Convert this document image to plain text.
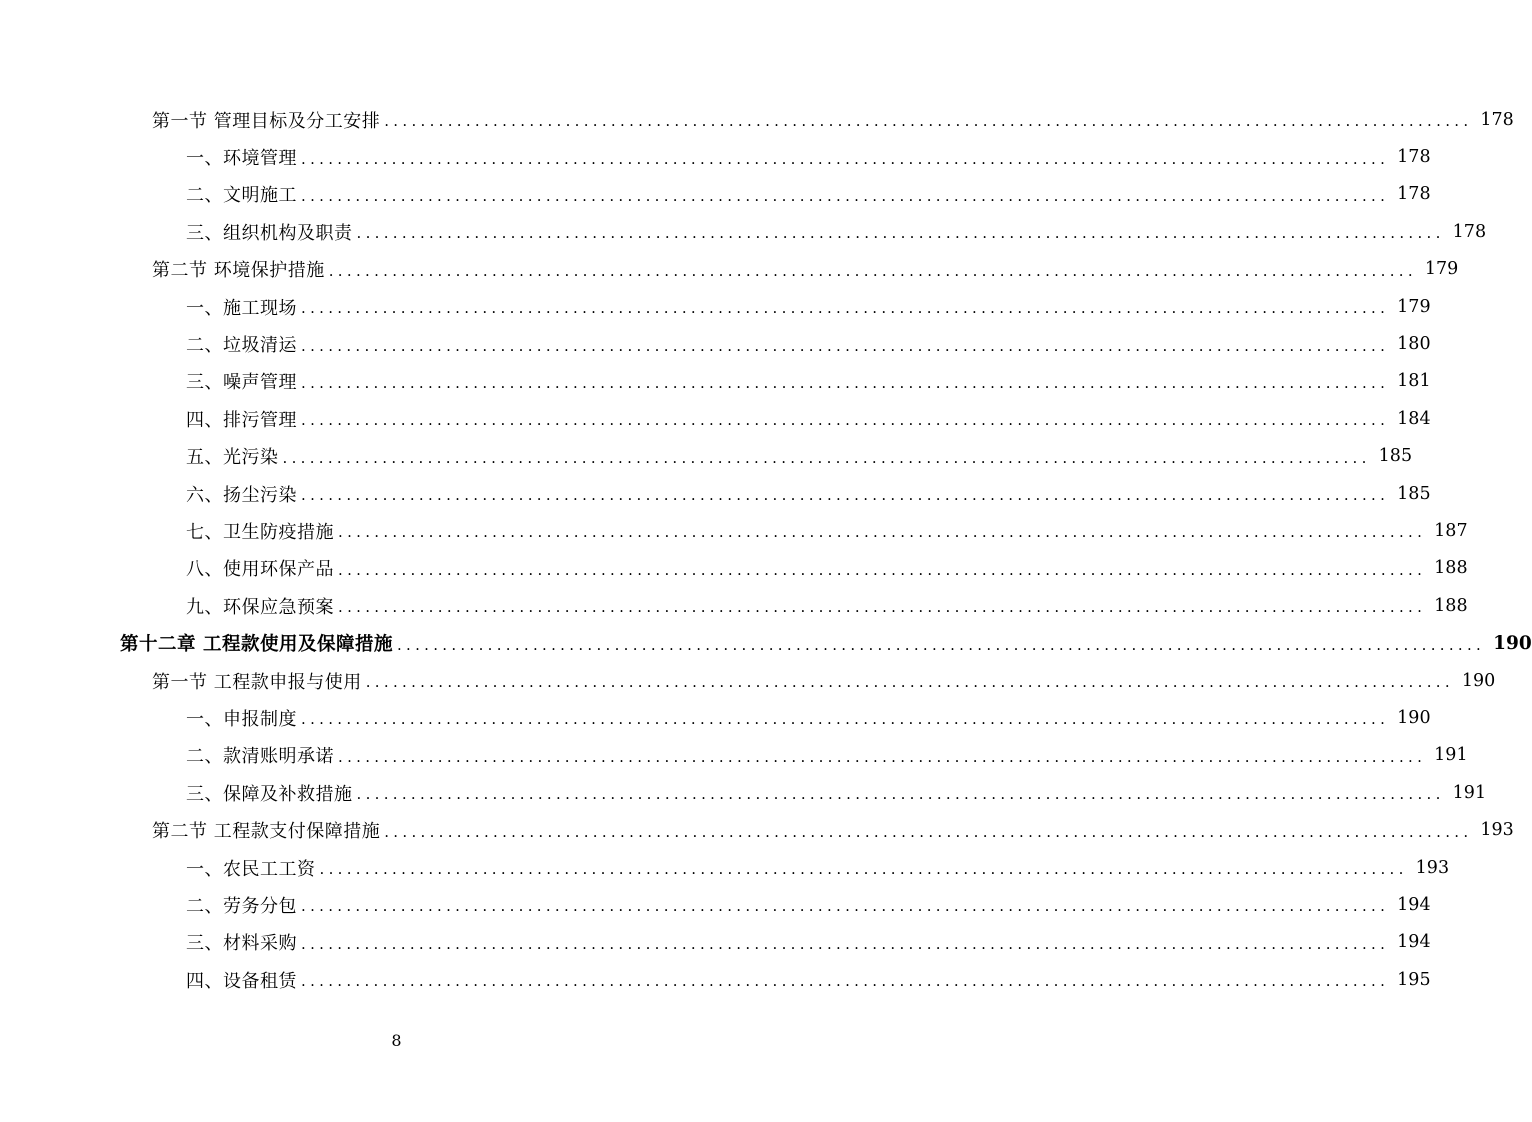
第一节 管理目标及分工安排 ........................................................................................................................ 178
一、环境管理 ........................................................................................................................ 178
二、文明施工 ........................................................................................................................ 178
三、组织机构及职责 ........................................................................................................................ 178
第二节 环境保护措施 ........................................................................................................................ 179
一、施工现场 ........................................................................................................................ 179
二、垃圾清运 ........................................................................................................................ 180
三、噪声管理 ........................................................................................................................ 181
四、排污管理 ........................................................................................................................ 184
五、光污染 ........................................................................................................................ 185
六、扬尘污染 ........................................................................................................................ 185
七、卫生防疫措施 ........................................................................................................................ 187
八、使用环保产品 ........................................................................................................................ 188
九、环保应急预案 ........................................................................................................................ 188
第十二章 工程款使用及保障措施 ........................................................................................................................ 190
第一节 工程款申报与使用 ........................................................................................................................ 190
一、申报制度 ........................................................................................................................ 190
二、款清账明承诺 ........................................................................................................................ 191
三、保障及补救措施 ........................................................................................................................ 191
第二节 工程款支付保障措施 ........................................................................................................................ 193
一、农民工工资 ........................................................................................................................ 193
二、劳务分包 ........................................................................................................................ 194
三、材料采购 ........................................................................................................................ 194
四、设备租赁 ........................................................................................................................ 195
8
